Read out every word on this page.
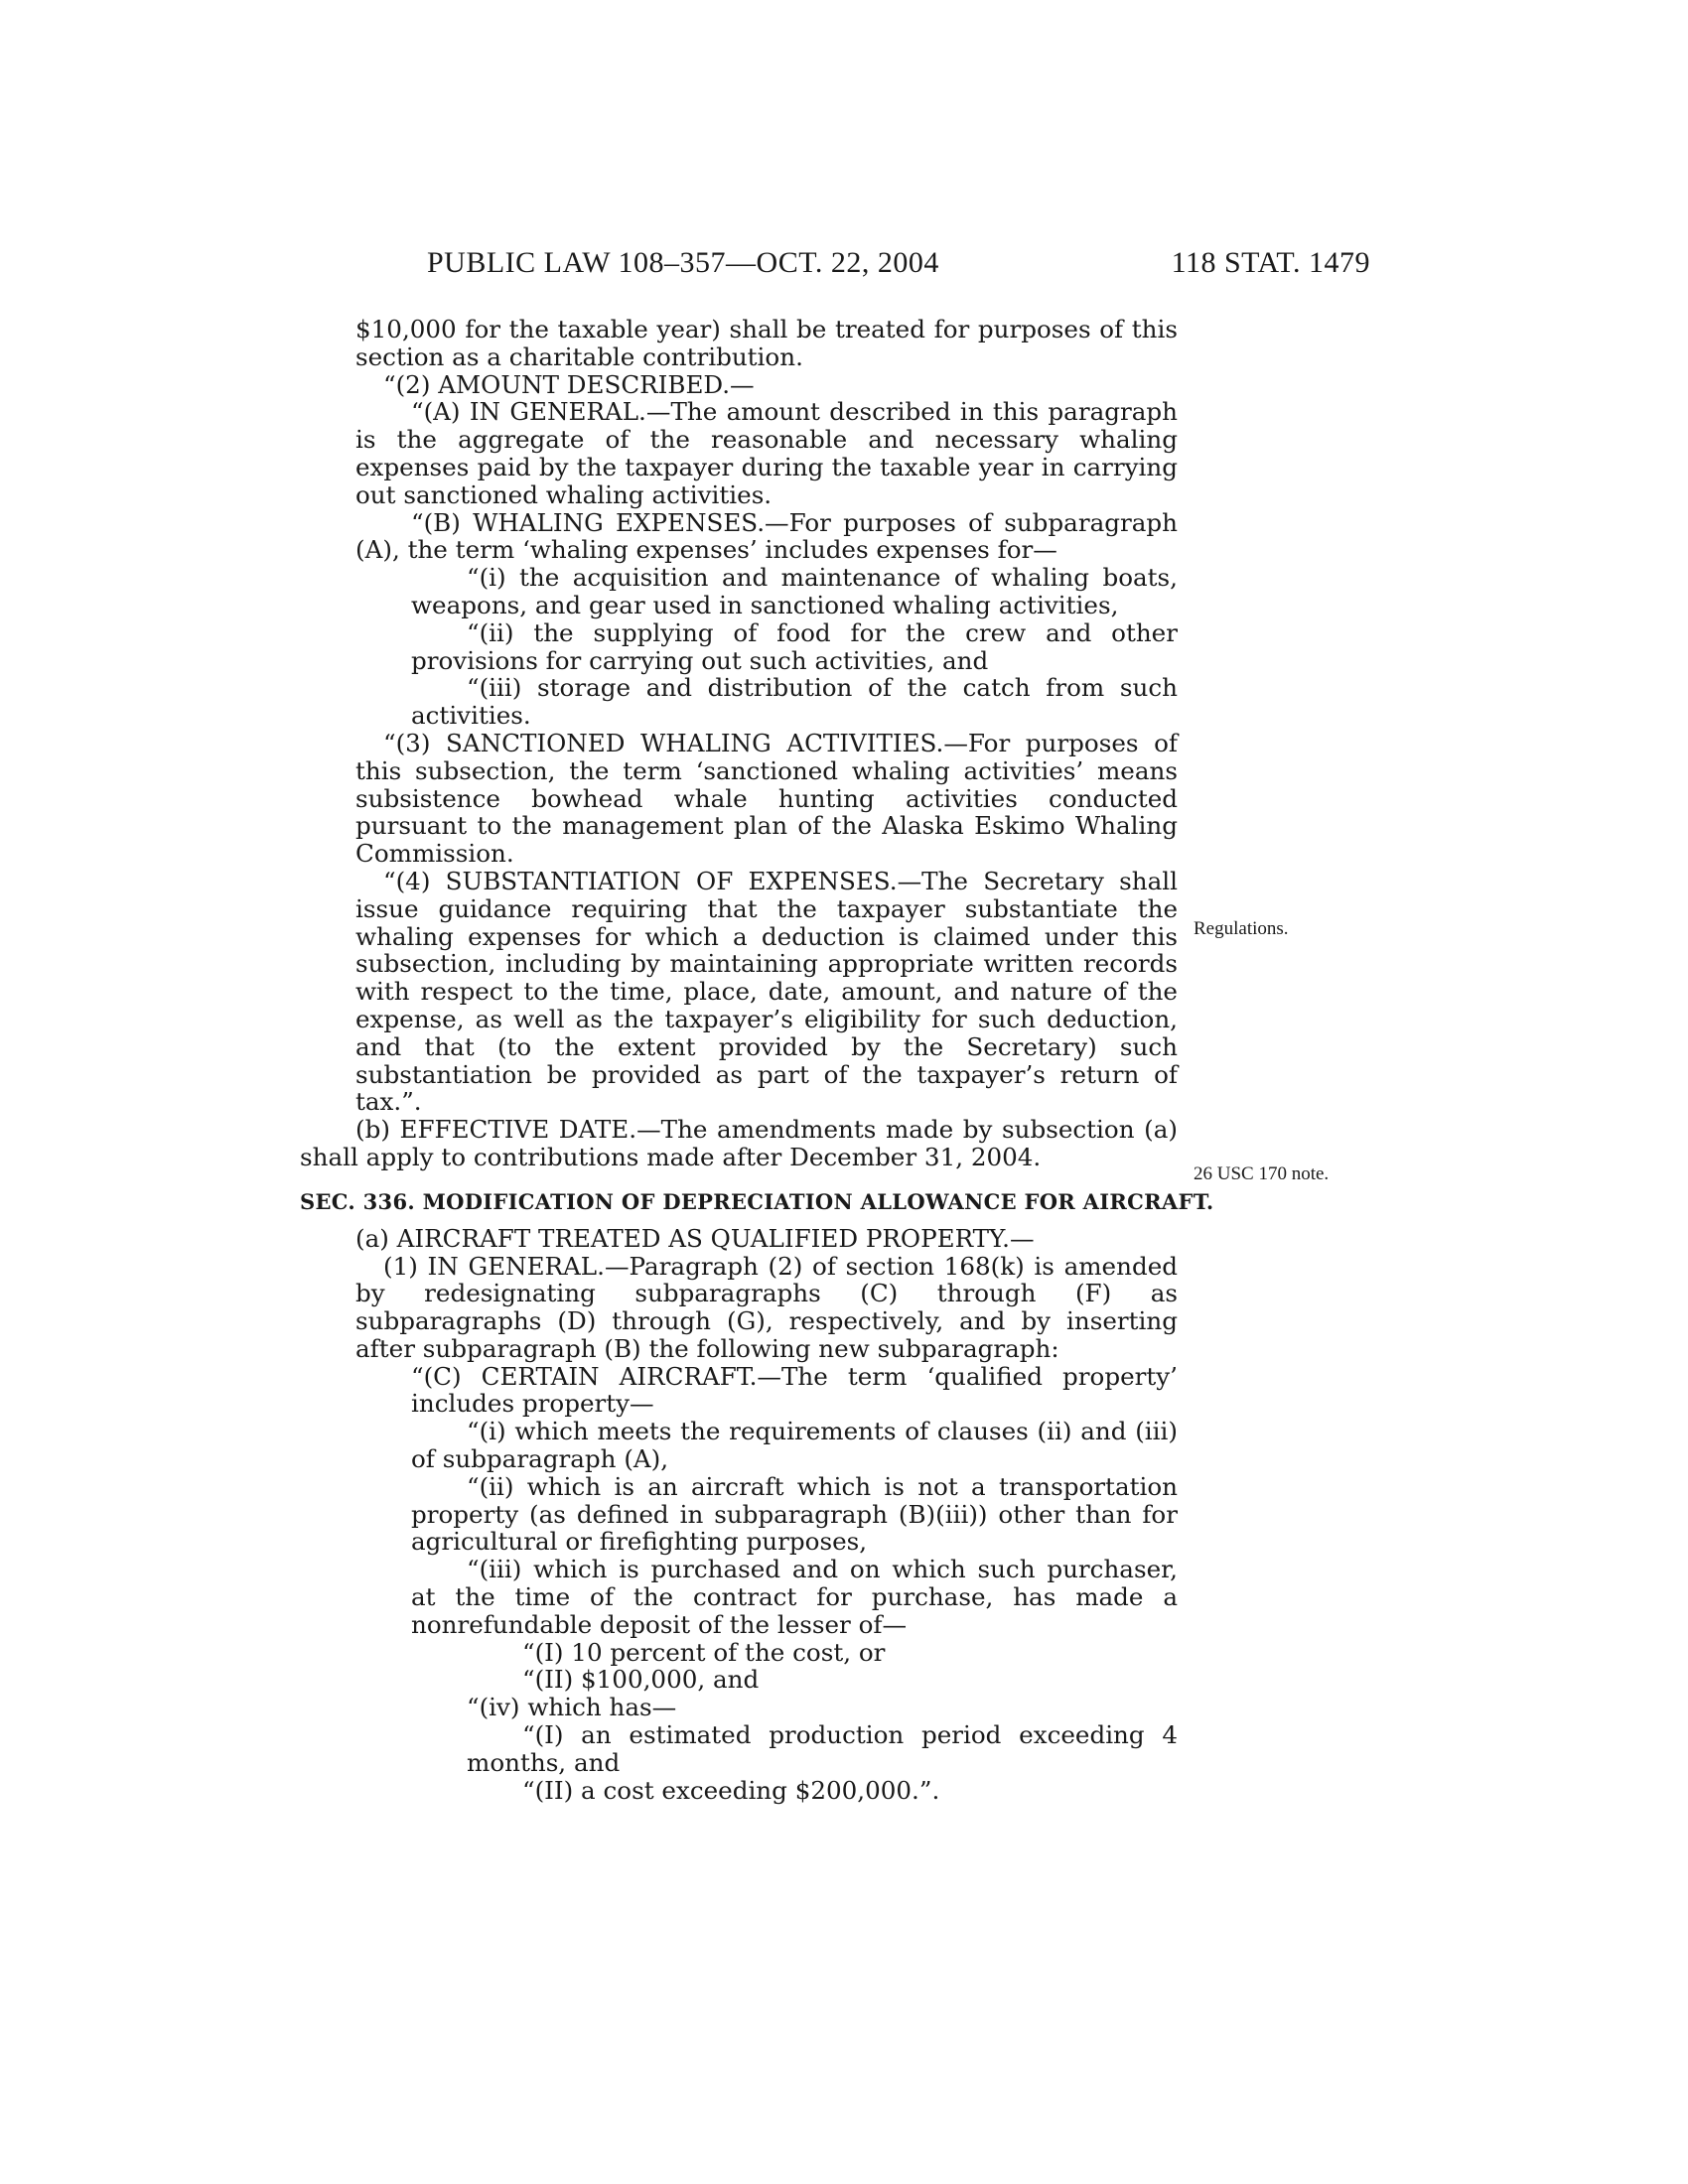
PUBLIC LAW 108–357—OCT. 22, 2004	118 STAT. 1479
Regulations.
26 USC 170 note.

$10,000 for the taxable year) shall be treated for purposes of this section as a charitable contribution.

“(2) AMOUNT DESCRIBED.—

“(A) IN GENERAL.—The amount described in this paragraph is the aggregate of the reasonable and necessary whaling expenses paid by the taxpayer during the taxable year in carrying out sanctioned whaling activities.

“(B) WHALING EXPENSES.—For purposes of subparagraph (A), the term ‘whaling expenses’ includes expenses for—

“(i) the acquisition and maintenance of whaling boats, weapons, and gear used in sanctioned whaling activities,

“(ii) the supplying of food for the crew and other provisions for carrying out such activities, and

“(iii) storage and distribution of the catch from such activities.

“(3) SANCTIONED WHALING ACTIVITIES.—For purposes of this subsection, the term ‘sanctioned whaling activities’ means subsistence bowhead whale hunting activities conducted pursuant to the management plan of the Alaska Eskimo Whaling Commission.

“(4) SUBSTANTIATION OF EXPENSES.—The Secretary shall issue guidance requiring that the taxpayer substantiate the whaling expenses for which a deduction is claimed under this subsection, including by maintaining appropriate written records with respect to the time, place, date, amount, and nature of the expense, as well as the taxpayer’s eligibility for such deduction, and that (to the extent provided by the Secretary) such substantiation be provided as part of the taxpayer’s return of tax.”.

(b) EFFECTIVE DATE.—The amendments made by subsection (a) shall apply to contributions made after December 31, 2004.

SEC. 336. MODIFICATION OF DEPRECIATION ALLOWANCE FOR AIRCRAFT.

(a) AIRCRAFT TREATED AS QUALIFIED PROPERTY.—

(1) IN GENERAL.—Paragraph (2) of section 168(k) is amended by redesignating subparagraphs (C) through (F) as subparagraphs (D) through (G), respectively, and by inserting after subparagraph (B) the following new subparagraph:

“(C) CERTAIN AIRCRAFT.—The term ‘qualified property’ includes property—

“(i) which meets the requirements of clauses (ii) and (iii) of subparagraph (A),

“(ii) which is an aircraft which is not a transportation property (as defined in subparagraph (B)(iii)) other than for agricultural or firefighting purposes,

“(iii) which is purchased and on which such purchaser, at the time of the contract for purchase, has made a nonrefundable deposit of the lesser of—

“(I) 10 percent of the cost, or

“(II) $100,000, and

“(iv) which has—

“(I) an estimated production period exceeding 4 months, and

“(II) a cost exceeding $200,000.”.
